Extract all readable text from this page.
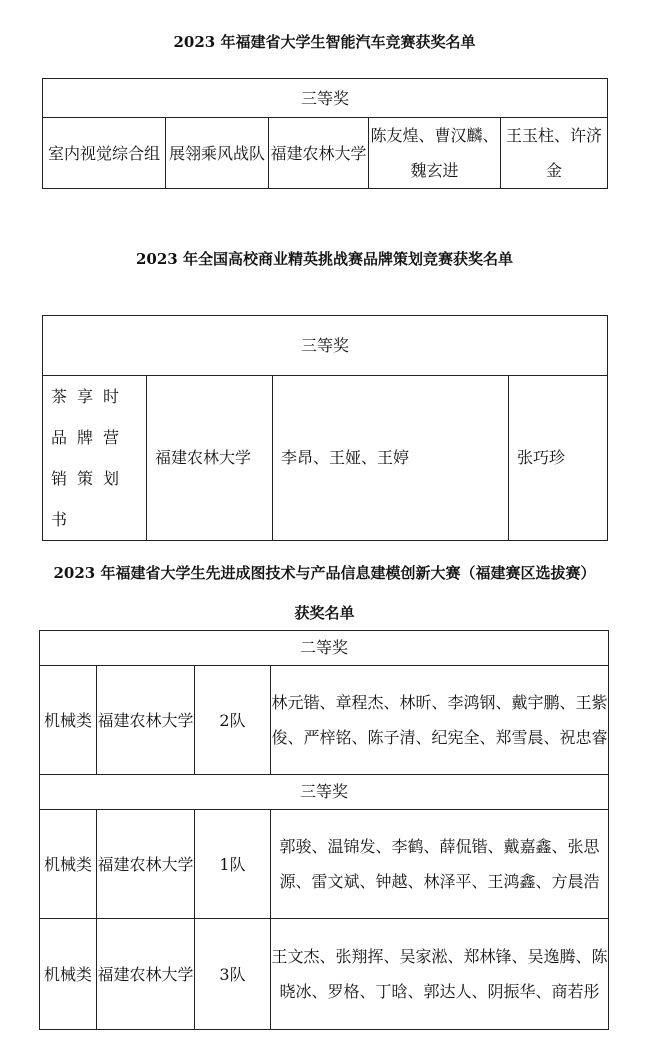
2023 年福建省大学生智能汽车竞赛获奖名单
三等奖
室内视觉综合组	展翎乘风战队	福建农林大学	陈友煌、曹汉麟、魏玄进	王玉柱、许济金
2023 年全国高校商业精英挑战赛品牌策划竞赛获奖名单
三等奖
茶享时品牌营销策划书	福建农林大学	李昂、王娅、王婷	张巧珍
2023 年福建省大学生先进成图技术与产品信息建模创新大赛（福建赛区选拔赛）
获奖名单
二等奖			
机械类	福建农林大学	2队	林元锴、章程杰、林昕、李鸿钢、戴宇鹏、王紫俊、严梓铭、陈子清、纪宪全、郑雪晨、祝忠睿
三等奖			
机械类	福建农林大学	1队	郭骏、温锦发、李鹤、薛侃锴、戴嘉鑫、张思源、雷文斌、钟越、林泽平、王鸿鑫、方晨浩
机械类	福建农林大学	3队	王文杰、张翔挥、吴家淞、郑林锋、吴逸腾、陈晓冰、罗格、丁晗、郭达人、阴振华、商若彤
